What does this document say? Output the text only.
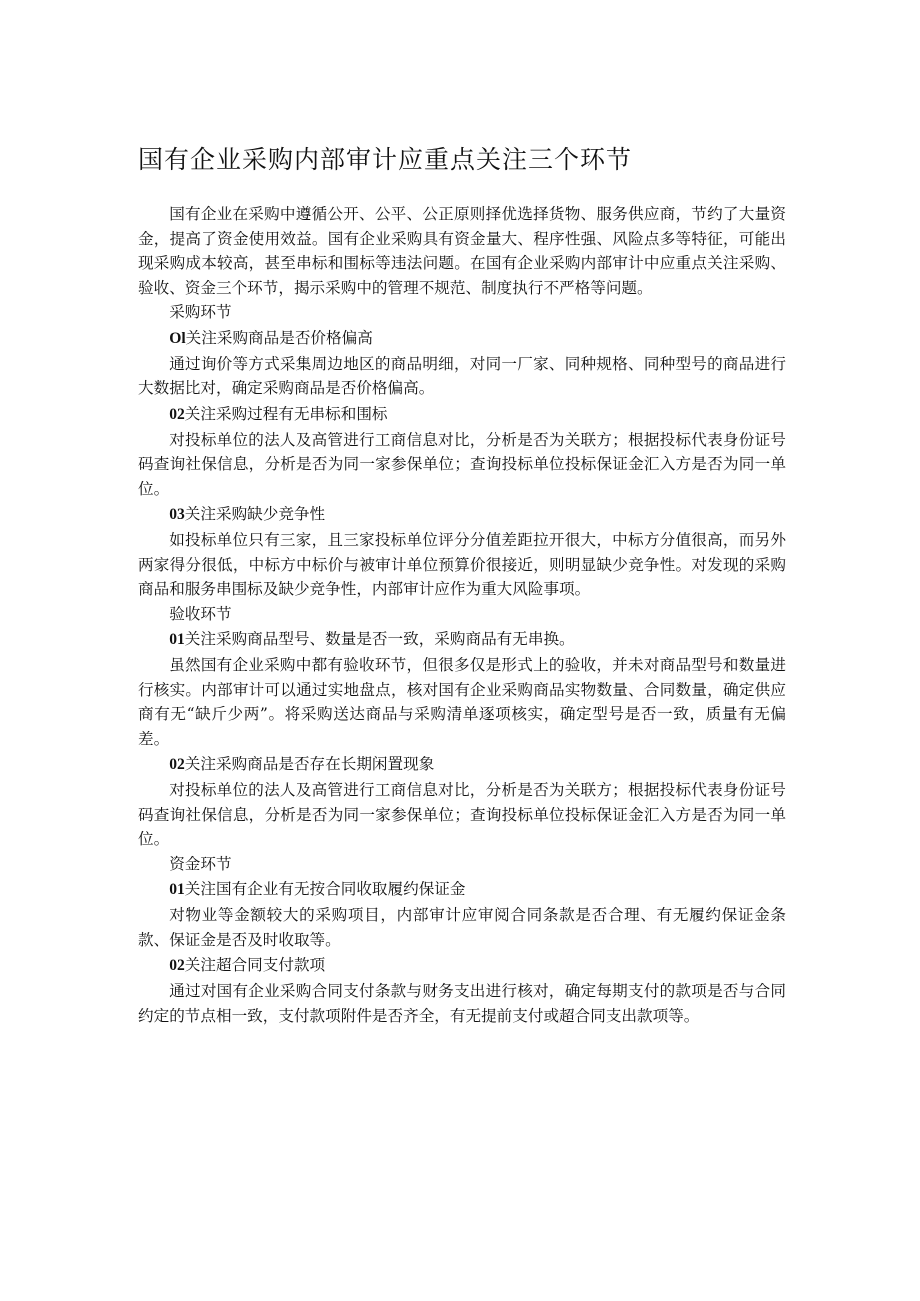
国有企业采购内部审计应重点关注三个环节

国有企业在采购中遵循公开、公平、公正原则择优选择货物、服务供应商，节约了大量资金，提高了资金使用效益。国有企业采购具有资金量大、程序性强、风险点多等特征，可能出现采购成本较高，甚至串标和围标等违法问题。在国有企业采购内部审计中应重点关注采购、验收、资金三个环节，揭示采购中的管理不规范、制度执行不严格等问题。

采购环节

Ol关注采购商品是否价格偏高

通过询价等方式采集周边地区的商品明细，对同一厂家、同种规格、同种型号的商品进行大数据比对，确定采购商品是否价格偏高。

02关注采购过程有无串标和围标

对投标单位的法人及高管进行工商信息对比，分析是否为关联方；根据投标代表身份证号码查询社保信息，分析是否为同一家参保单位；查询投标单位投标保证金汇入方是否为同一单位。

03关注采购缺少竞争性

如投标单位只有三家，且三家投标单位评分分值差距拉开很大，中标方分值很高，而另外两家得分很低，中标方中标价与被审计单位预算价很接近，则明显缺少竞争性。对发现的采购商品和服务串围标及缺少竞争性，内部审计应作为重大风险事项。

验收环节

01关注采购商品型号、数量是否一致，采购商品有无串换。

虽然国有企业采购中都有验收环节，但很多仅是形式上的验收，并未对商品型号和数量进行核实。内部审计可以通过实地盘点，核对国有企业采购商品实物数量、合同数量，确定供应商有无“缺斤少两”。将采购送达商品与采购清单逐项核实，确定型号是否一致，质量有无偏差。

02关注采购商品是否存在长期闲置现象

对投标单位的法人及高管进行工商信息对比，分析是否为关联方；根据投标代表身份证号码查询社保信息，分析是否为同一家参保单位；查询投标单位投标保证金汇入方是否为同一单位。

资金环节

01关注国有企业有无按合同收取履约保证金

对物业等金额较大的采购项目，内部审计应审阅合同条款是否合理、有无履约保证金条款、保证金是否及时收取等。

02关注超合同支付款项

通过对国有企业采购合同支付条款与财务支出进行核对，确定每期支付的款项是否与合同约定的节点相一致，支付款项附件是否齐全，有无提前支付或超合同支出款项等。
